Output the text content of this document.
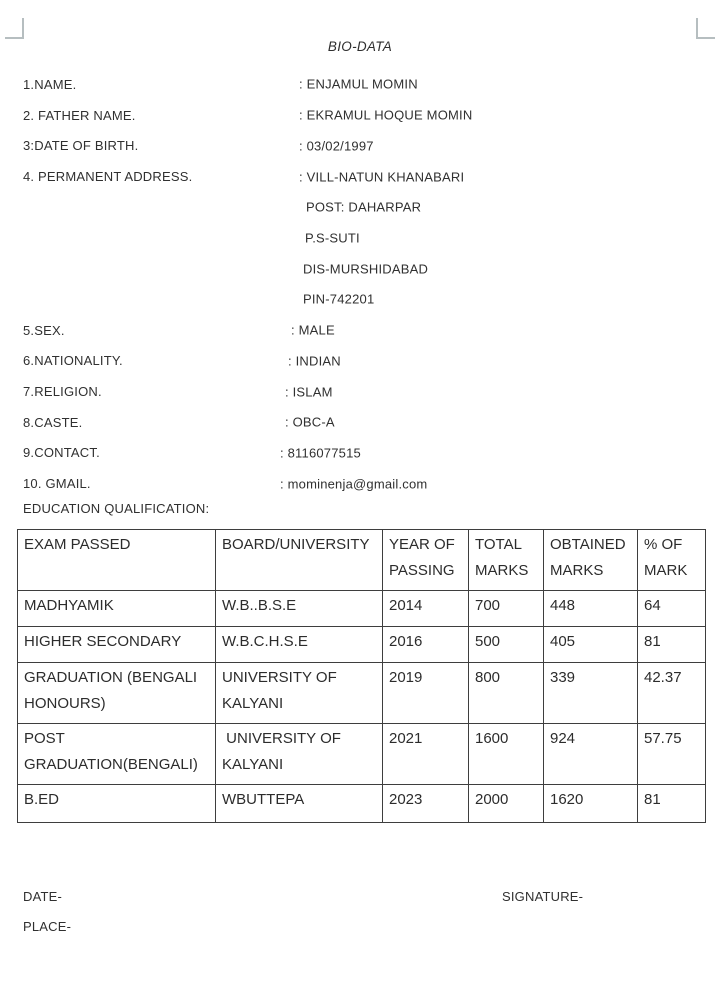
BIO-DATA
1.NAME.	: ENJAMUL MOMIN
2. FATHER NAME.	: EKRAMUL HOQUE MOMIN
3:DATE OF BIRTH.	: 03/02/1997
4. PERMANENT ADDRESS.	: VILL-NATUN KHANABARI
POST: DAHARPAR
P.S-SUTI
DIS-MURSHIDABAD
PIN-742201
5.SEX.	: MALE
6.NATIONALITY.	: INDIAN
7.RELIGION.	: ISLAM
8.CASTE.	: OBC-A
9.CONTACT.	: 8116077515
10. GMAIL.	: mominenja@gmail.com
EDUCATION QUALIFICATION:
EXAM PASSED	BOARD/UNIVERSITY	YEAR OF PASSING	TOTAL MARKS	OBTAINED MARKS	% OF MARK
MADHYAMIK	W.B..B.S.E	2014	700	448	64
HIGHER SECONDARY	W.B.C.H.S.E	2016	500	405	81
GRADUATION (BENGALI HONOURS)	UNIVERSITY OF KALYANI	2019	800	339	42.37
POST GRADUATION(BENGALI)	UNIVERSITY OF KALYANI	2021	1600	924	57.75
B.ED	WBUTTEPA	2023	2000	1620	81
DATE-	SIGNATURE-
PLACE-
